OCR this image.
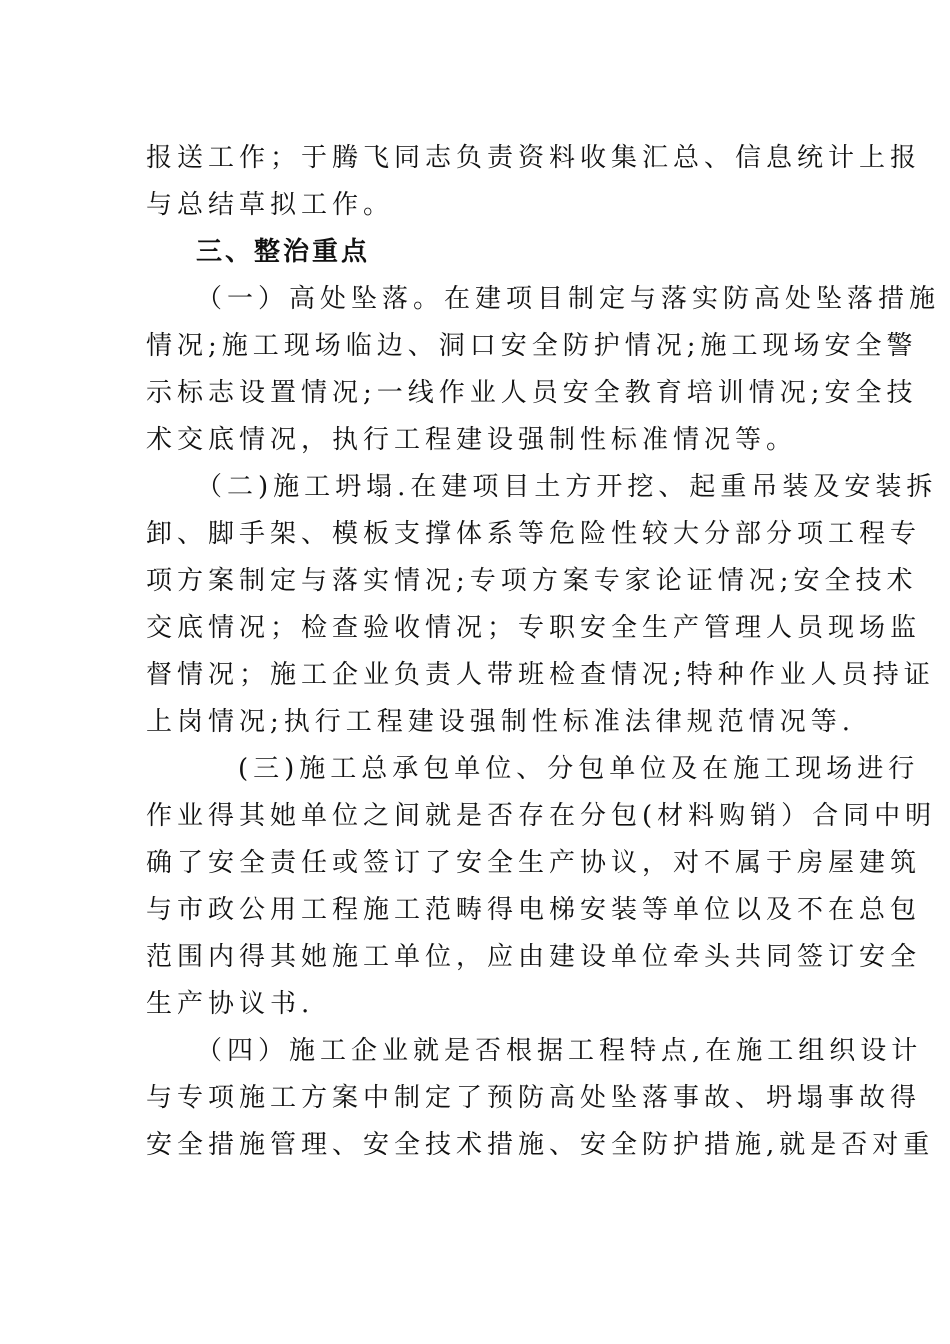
报送工作；于腾飞同志负责资料收集汇总、信息统计上报
与总结草拟工作。
三、整治重点
（一）高处坠落。在建项目制定与落实防高处坠落措施
情况;施工现场临边、洞口安全防护情况;施工现场安全警
示标志设置情况;一线作业人员安全教育培训情况;安全技
术交底情况，执行工程建设强制性标准情况等。
（二)施工坍塌.在建项目土方开挖、起重吊装及安装拆
卸、脚手架、模板支撑体系等危险性较大分部分项工程专
项方案制定与落实情况;专项方案专家论证情况;安全技术
交底情况；检查验收情况；专职安全生产管理人员现场监
督情况；施工企业负责人带班检查情况;特种作业人员持证
上岗情况;执行工程建设强制性标准法律规范情况等.
(三)施工总承包单位、分包单位及在施工现场进行
作业得其她单位之间就是否存在分包(材料购销）合同中明
确了安全责任或签订了安全生产协议，对不属于房屋建筑
与市政公用工程施工范畴得电梯安装等单位以及不在总包
范围内得其她施工单位，应由建设单位牵头共同签订安全
生产协议书.
（四）施工企业就是否根据工程特点,在施工组织设计
与专项施工方案中制定了预防高处坠落事故、坍塌事故得
安全措施管理、安全技术措施、安全防护措施,就是否对重
